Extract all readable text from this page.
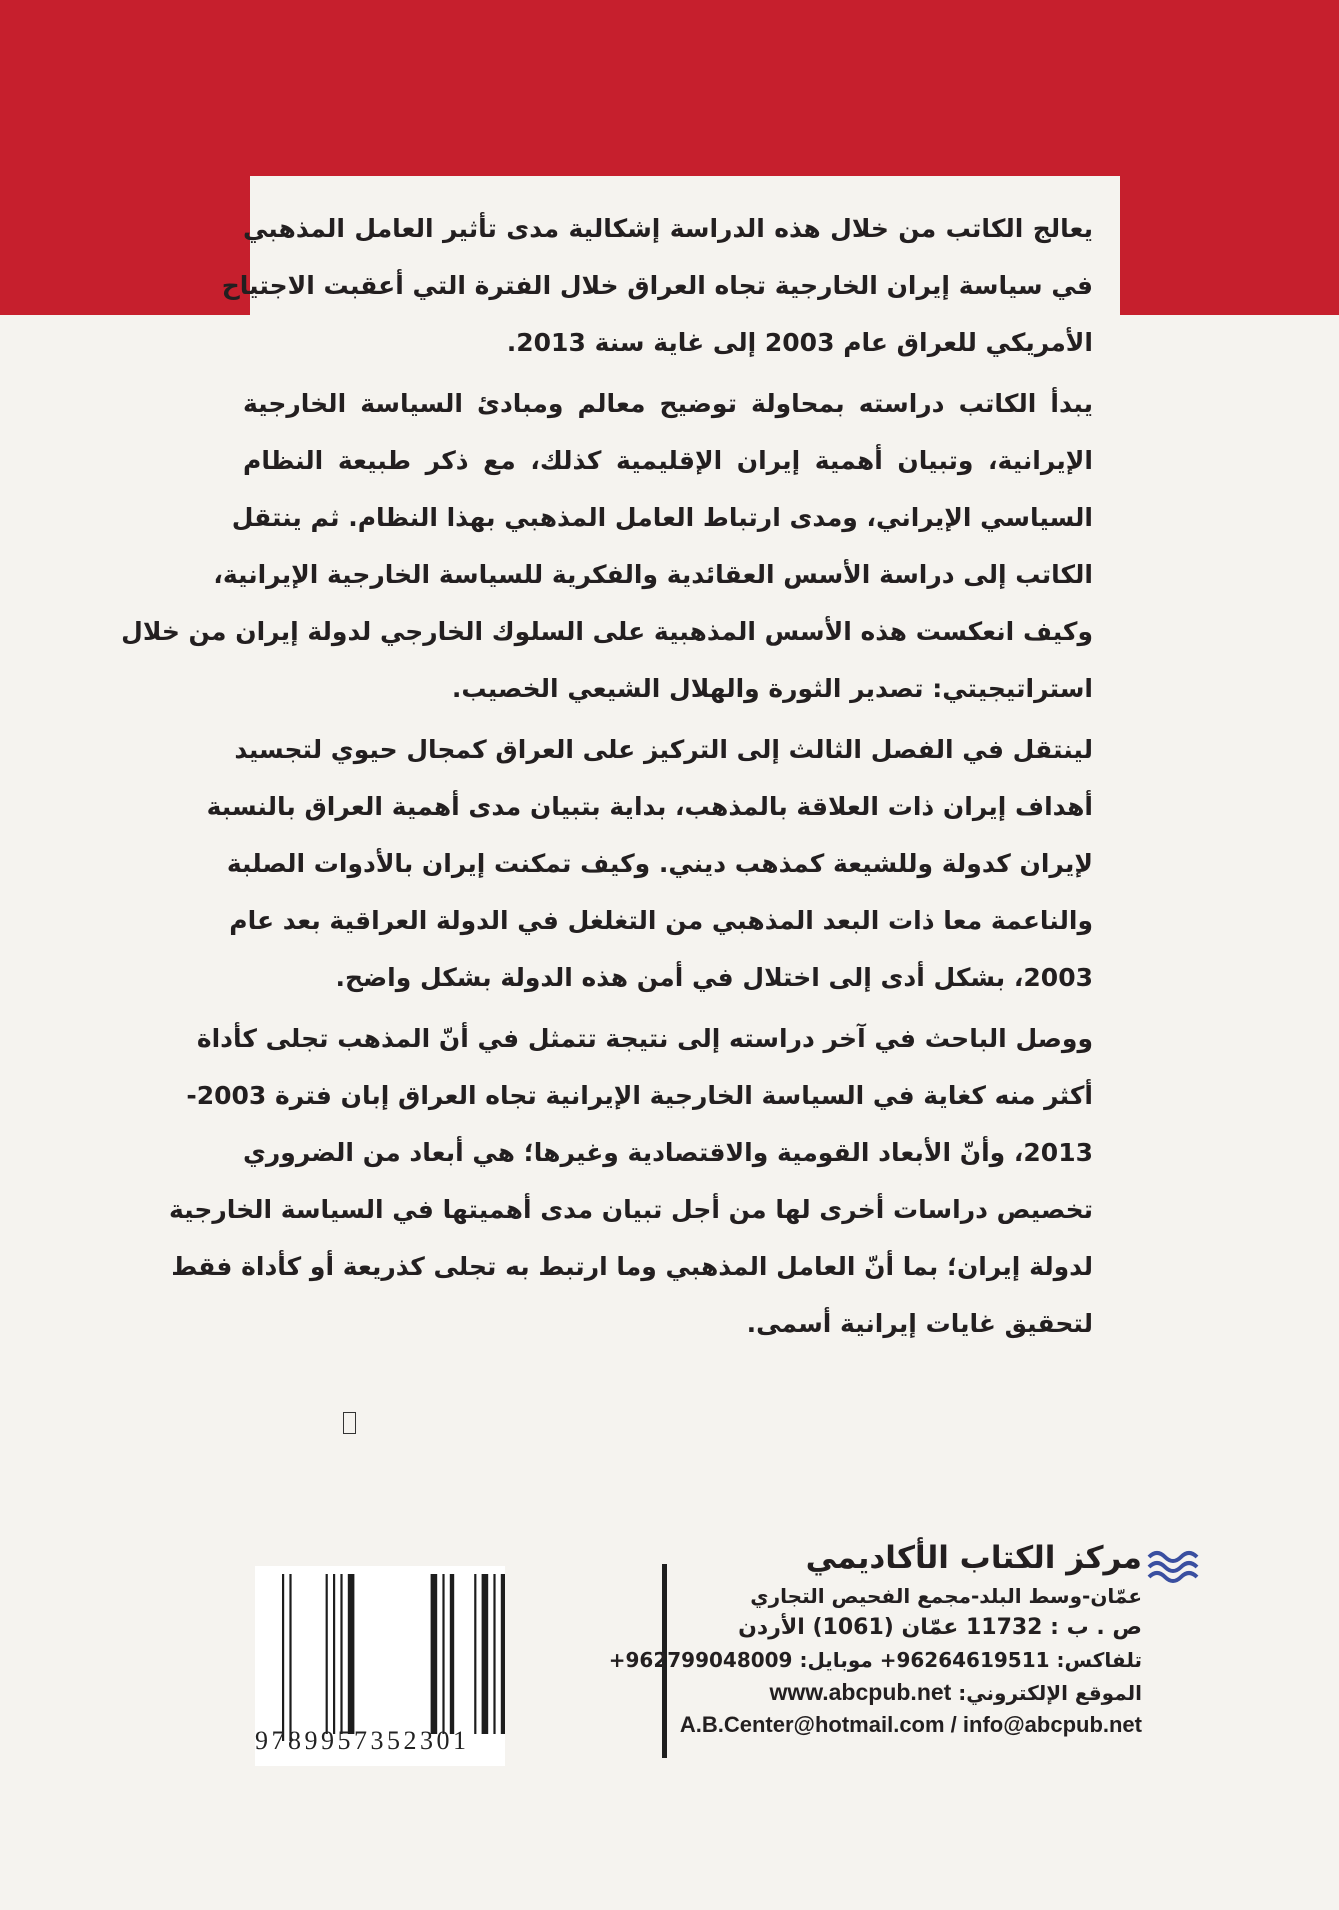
يعالج الكاتب من خلال هذه الدراسة إشكالية مدى تأثير العامل المذهبي
في سياسة إيران الخارجية تجاه العراق خلال الفترة التي أعقبت الاجتياح
الأمريكي للعراق عام 2003 إلى غاية سنة 2013.
يبدأ الكاتب دراسته بمحاولة توضيح معالم ومبادئ السياسة الخارجية
الإيرانية، وتبيان أهمية إيران الإقليمية كذلك، مع ذكر طبيعة النظام
السياسي الإيراني، ومدى ارتباط العامل المذهبي بهذا النظام. ثم ينتقل
الكاتب إلى دراسة الأسس العقائدية والفكرية للسياسة الخارجية الإيرانية،
وكيف انعكست هذه الأسس المذهبية على السلوك الخارجي لدولة إيران من خلال
استراتيجيتي: تصدير الثورة والهلال الشيعي الخصيب.
لينتقل في الفصل الثالث إلى التركيز على العراق كمجال حيوي لتجسيد
أهداف إيران ذات العلاقة بالمذهب، بداية بتبيان مدى أهمية العراق بالنسبة
لإيران كدولة وللشيعة كمذهب ديني. وكيف تمكنت إيران بالأدوات الصلبة
والناعمة معا ذات البعد المذهبي من التغلغل في الدولة العراقية بعد عام
2003، بشكل أدى إلى اختلال في أمن هذه الدولة بشكل واضح.
ووصل الباحث في آخر دراسته إلى نتيجة تتمثل في أنّ المذهب تجلى كأداة
أكثر منه كغاية في السياسة الخارجية الإيرانية تجاه العراق إبان فترة 2003-
2013، وأنّ الأبعاد القومية والاقتصادية وغيرها؛ هي أبعاد من الضروري
تخصيص دراسات أخرى لها من أجل تبيان مدى أهميتها في السياسة الخارجية
لدولة إيران؛ بما أنّ العامل المذهبي وما ارتبط به تجلى كذريعة أو كأداة فقط
لتحقيق غايات إيرانية أسمى.
مركز الكتاب الأكاديمي
عمّان-وسط البلد-مجمع الفحيص التجاري
ص . ب : 11732 عمّان (1061) الأردن
تلفاكس: 96264619511+ موبايل: 962799048009+
الموقع الإلكتروني: www.abcpub.net
A.B.Center@hotmail.com / info@abcpub.net
9789957352301
